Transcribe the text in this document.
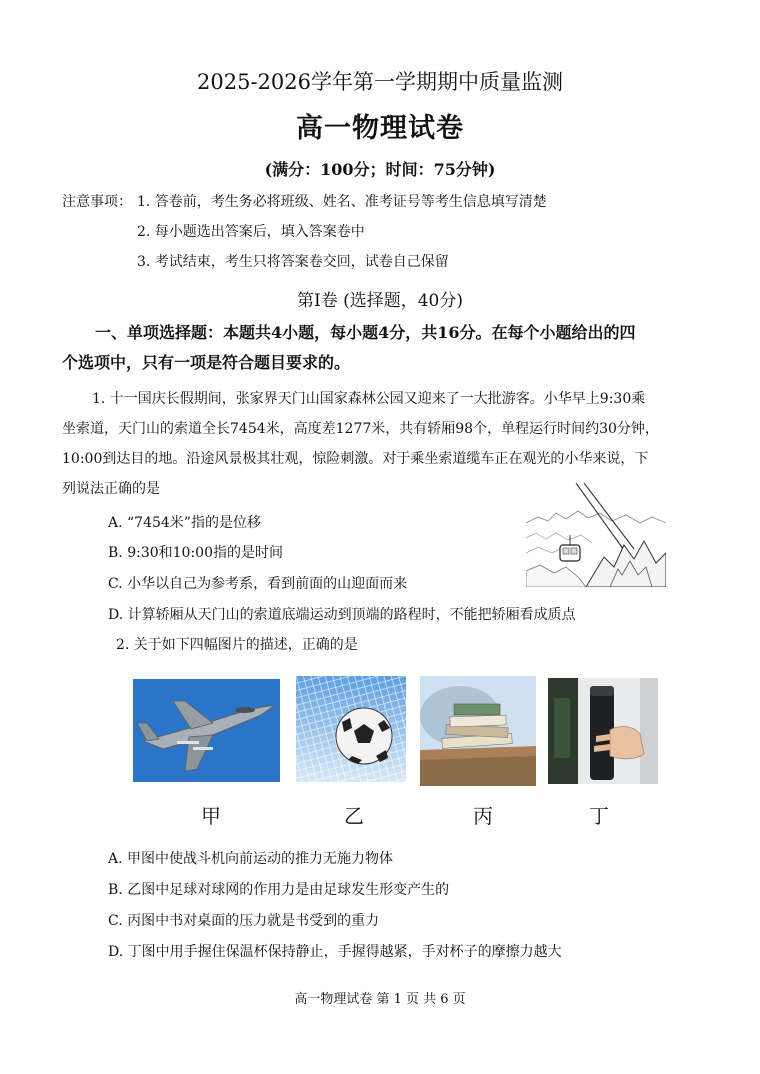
2025-2026学年第一学期期中质量监测
高一物理试卷
(满分：100分；时间：75分钟)
注意事项： 1. 答卷前，考生务必将班级、姓名、准考证号等考生信息填写清楚
2. 每小题选出答案后，填入答案卷中
3. 考试结束，考生只将答案卷交回，试卷自己保留
第Ⅰ卷 (选择题，40分)
一、单项选择题：本题共4小题，每小题4分，共16分。在每个小题给出的四
个选项中，只有一项是符合题目要求的。
1. 十一国庆长假期间，张家界天门山国家森林公园又迎来了一大批游客。小华早上9:30乘
坐索道，天门山的索道全长7454米，高度差1277米，共有轿厢98个，单程运行时间约30分钟，
10:00到达目的地。沿途风景极其壮观，惊险刺激。对于乘坐索道缆车正在观光的小华来说，下
列说法正确的是
A. “7454米”指的是位移
B. 9:30和10:00指的是时间
C. 小华以自己为参考系，看到前面的山迎面而来
D. 计算轿厢从天门山的索道底端运动到顶端的路程时，不能把轿厢看成质点
2. 关于如下四幅图片的描述，正确的是
甲	乙	丙	丁
A. 甲图中使战斗机向前运动的推力无施力物体
B. 乙图中足球对球网的作用力是由足球发生形变产生的
C. 丙图中书对桌面的压力就是书受到的重力
D. 丁图中用手握住保温杯保持静止，手握得越紧，手对杯子的摩擦力越大
高一物理试卷 第 1 页 共 6 页
